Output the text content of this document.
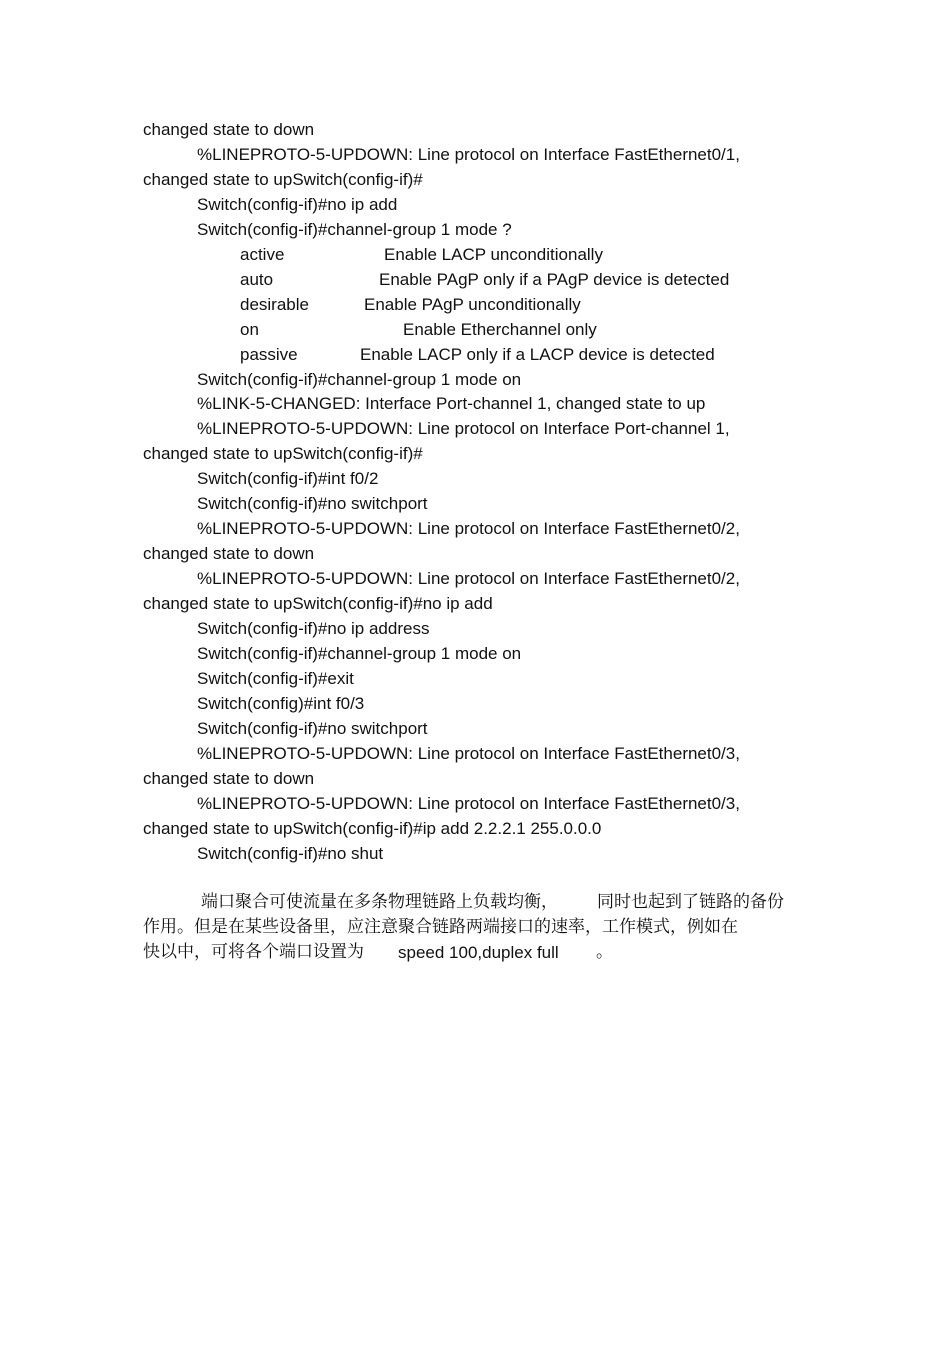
changed state to down
%LINEPROTO-5-UPDOWN: Line protocol on Interface FastEthernet0/1,
changed state to upSwitch(config-if)#
Switch(config-if)#no ip add
Switch(config-if)#channel-group 1 mode ?
active	Enable LACP unconditionally
auto	Enable PAgP only if a PAgP device is detected
desirable	Enable PAgP unconditionally
on	Enable Etherchannel only
passive	Enable LACP only if a LACP device is detected
Switch(config-if)#channel-group 1 mode on
%LINK-5-CHANGED: Interface Port-channel 1, changed state to up
%LINEPROTO-5-UPDOWN: Line protocol on Interface Port-channel 1,
changed state to upSwitch(config-if)#
Switch(config-if)#int f0/2
Switch(config-if)#no switchport
%LINEPROTO-5-UPDOWN: Line protocol on Interface FastEthernet0/2,
changed state to down
%LINEPROTO-5-UPDOWN: Line protocol on Interface FastEthernet0/2,
changed state to upSwitch(config-if)#no ip add
Switch(config-if)#no ip address
Switch(config-if)#channel-group 1 mode on
Switch(config-if)#exit
Switch(config)#int f0/3
Switch(config-if)#no switchport
%LINEPROTO-5-UPDOWN: Line protocol on Interface FastEthernet0/3,
changed state to down
%LINEPROTO-5-UPDOWN: Line protocol on Interface FastEthernet0/3,
changed state to upSwitch(config-if)#ip add 2.2.2.1 255.0.0.0
Switch(config-if)#no shut
端口聚合可使流量在多条物理链路上负载均衡， 同时也起到了链路的备份
作用。但是在某些设备里，应注意聚合链路两端接口的速率，工作模式，例如在
快以中，可将各个端口设置为 speed 100,duplex full 。
